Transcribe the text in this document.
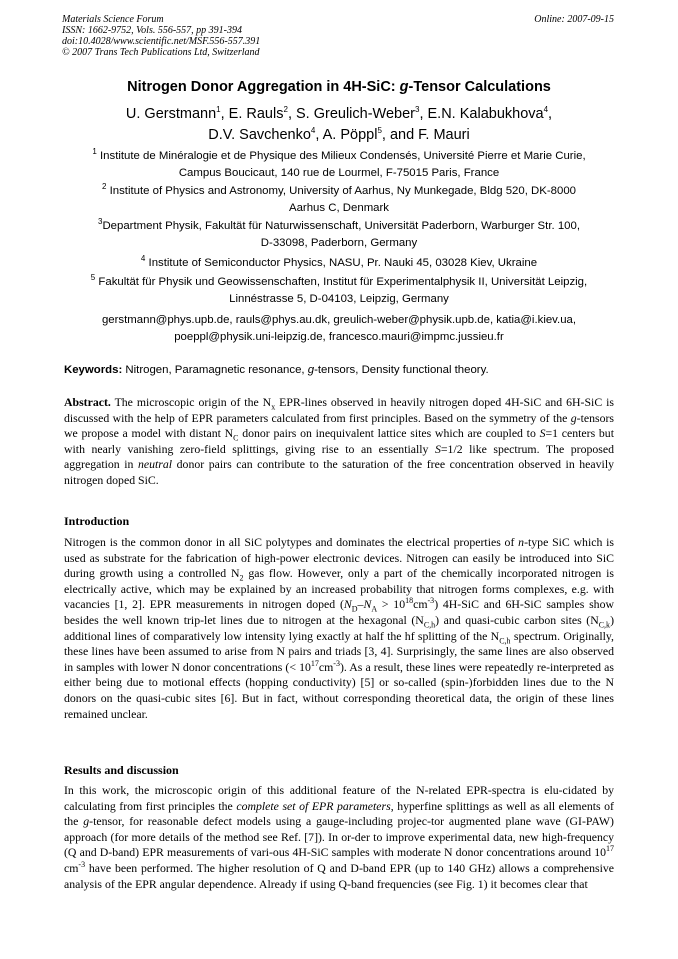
Materials Science Forum
ISSN: 1662-9752, Vols. 556-557, pp 391-394
doi:10.4028/www.scientific.net/MSF.556-557.391
© 2007 Trans Tech Publications Ltd, Switzerland
Online: 2007-09-15
Nitrogen Donor Aggregation in 4H-SiC: g-Tensor Calculations
U. Gerstmann$^1$, E. Rauls$^2$, S. Greulich-Weber$^3$, E.N. Kalabukhova$^4$,
D.V. Savchenko$^4$, A. Pöppl$^5$, and F. Mauri
$^1$ Institute de Minéralogie et de Physique des Milieux Condensés, Université Pierre et Marie Curie,
Campus Boucicaut, 140 rue de Lourmel, F-75015 Paris, France
$^2$ Institute of Physics and Astronomy, University of Aarhus, Ny Munkegade, Bldg 520, DK-8000
Aarhus C, Denmark
$^3$Department Physik, Fakultät für Naturwissenschaft, Universität Paderborn, Warburger Str. 100,
D-33098, Paderborn, Germany
$^4$ Institute of Semiconductor Physics, NASU, Pr. Nauki 45, 03028 Kiev, Ukraine
$^5$ Fakultät für Physik und Geowissenschaften, Institut für Experimentalphysik II, Universität Leipzig,
Linnéstrasse 5, D-04103, Leipzig, Germany
gerstmann@phys.upb.de, rauls@phys.au.dk, greulich-weber@physik.upb.de, katia@i.kiev.ua,
poeppl@physik.uni-leipzig.de, francesco.mauri@impmc.jussieu.fr
Keywords: Nitrogen, Paramagnetic resonance, g-tensors, Density functional theory.
Abstract. The microscopic origin of the $N_x$ EPR-lines observed in heavily nitrogen doped 4H-SiC and 6H-SiC is discussed with the help of EPR parameters calculated from first principles. Based on the symmetry of the g-tensors we propose a model with distant $N_C$ donor pairs on inequivalent lattice sites which are coupled to S=1 centers but with nearly vanishing zero-field splittings, giving rise to an essentially S=1/2 like spectrum. The proposed aggregation in neutral donor pairs can contribute to the saturation of the free concentration observed in heavily nitrogen doped SiC.
Introduction
Nitrogen is the common donor in all SiC polytypes and dominates the electrical properties of n-type SiC which is used as substrate for the fabrication of high-power electronic devices. Nitrogen can easily be introduced into SiC during growth using a controlled $N_2$ gas flow. However, only a part of the chemically incorporated nitrogen is electrically active, which may be explained by an increased probability that nitrogen forms complexes, e.g. with vacancies [1, 2]. EPR measurements in nitrogen doped $(N_D-N_A > 10^{18}cm^{-3})$ 4H-SiC and 6H-SiC samples show besides the well known trip-let lines due to nitrogen at the hexagonal $(N_{C,h})$ and quasi-cubic carbon sites $(N_{C,k})$ additional lines of comparatively low intensity lying exactly at half the hf splitting of the $N_{C,h}$ spectrum. Originally, these lines have been assumed to arise from N pairs and triads [3, 4]. Surprisingly, the same lines are also observed in samples with lower N donor concentrations (< $10^{17}cm^{-3}$). As a result, these lines were repeatedly re-interpreted as either being due to motional effects (hopping conductivity) [5] or so-called (spin-)forbidden lines due to the N donors on the quasi-cubic sites [6]. But in fact, without corresponding theoretical data, the origin of these lines remained unclear.
Results and discussion
In this work, the microscopic origin of this additional feature of the N-related EPR-spectra is elu-cidated by calculating from first principles the complete set of EPR parameters, hyperfine splittings as well as all elements of the g-tensor, for reasonable defect models using a gauge-including projec-tor augmented plane wave (GI-PAW) approach (for more details of the method see Ref. [7]). In or-der to improve experimental data, new high-frequency (Q and D-band) EPR measurements of vari-ous 4H-SiC samples with moderate N donor concentrations around $10^{17}$ $cm^{-3}$ have been performed. The higher resolution of Q and D-band EPR (up to 140 GHz) allows a comprehensive analysis of the EPR angular dependence. Already if using Q-band frequencies (see Fig. 1) it becomes clear that
